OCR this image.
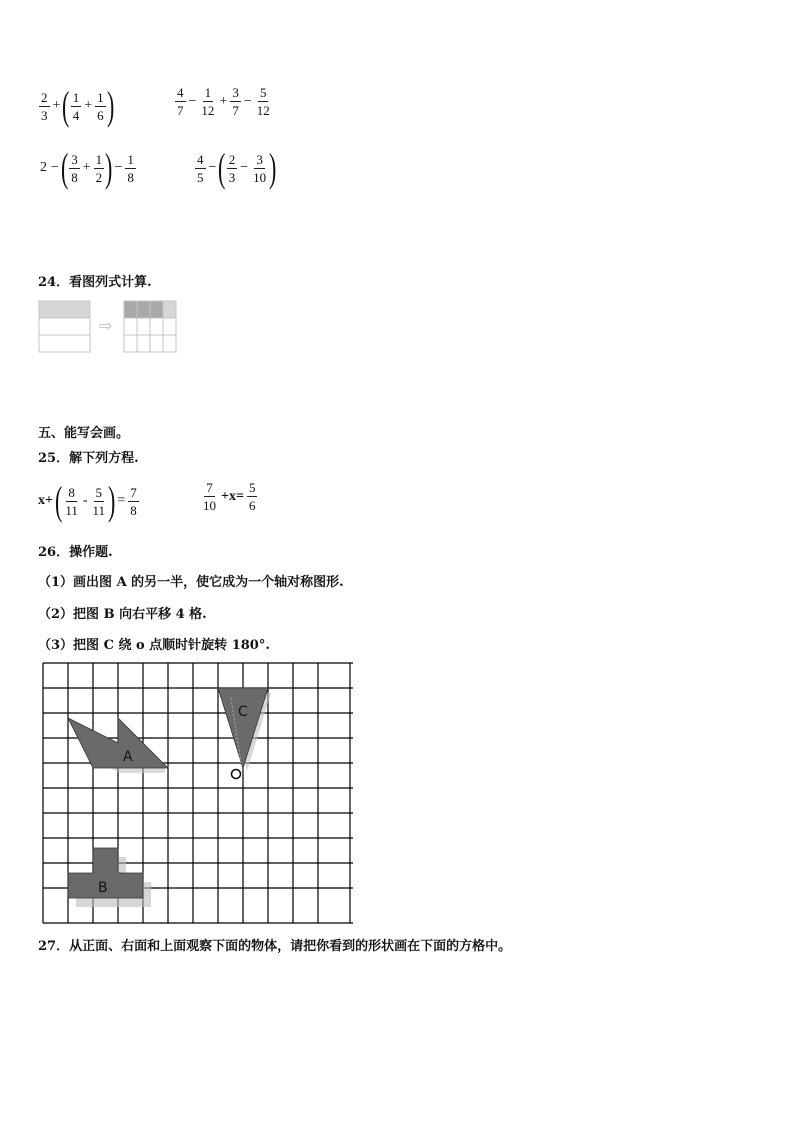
$\frac{2}{3}$ + ( $\frac{1}{4} + \frac{1}{6}$ )	$\frac{4}{7} - \frac{1}{12} + \frac{3}{7} - \frac{5}{12}$
2 − ( $\frac{3}{8} + \frac{1}{2}$ ) − $\frac{1}{8}$	$\frac{4}{5}$ − ( $\frac{2}{3} - \frac{3}{10}$ )
24．看图列式计算.
⇨
五、能写会画。
25．解下列方程.
x+ ( $\frac{8}{11} - \frac{5}{11}$ ) = $\frac{7}{8}$	$\frac{7}{10} +x= \frac{5}{6}$
26．操作题.
（1）画出图 A 的另一半，使它成为一个轴对称图形.
（2）把图 B 向右平移 4 格.
（3）把图 C 绕 o 点顺时针旋转 180°.
A
C
B
27．从正面、右面和上面观察下面的物体，请把你看到的形状画在下面的方格中。
